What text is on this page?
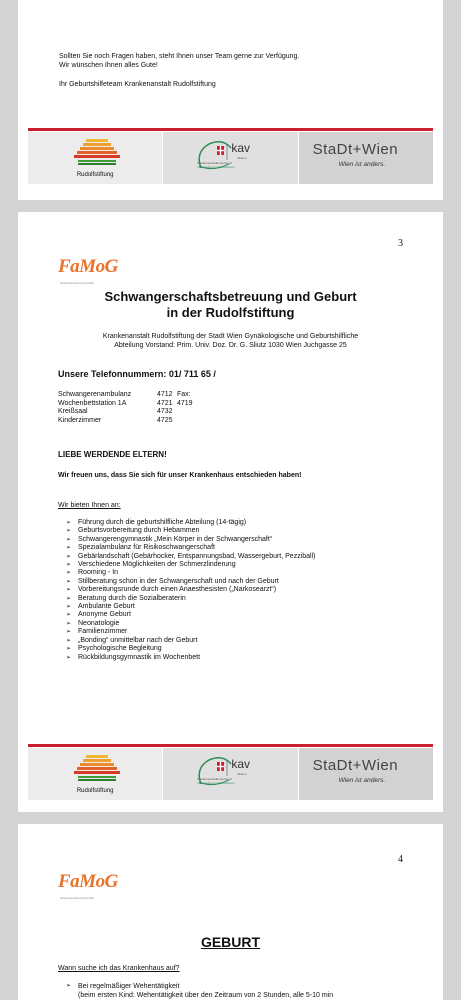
Sollten Sie noch Fragen haben, steht Ihnen unser Team gerne zur Verfügung.
Wir wünschen Ihnen alles Gute!
Ihr Geburtshilfeteam Krankenanstalt Rudolfstiftung
Rudolfstiftung
kav
Wiener
Krankenanstaltenverbund
Unternehmen Unternehmen
StaDt+Wien
Wien ist anders.
3
FaMoG
familienorientierte Geburtshilfe
Schwangerschaftsbetreuung und Geburt
in der Rudolfstiftung
Krankenanstalt Rudolfstiftung der Stadt Wien Gynäkologische und Geburtshilfliche
Abteilung Vorstand: Prim. Univ. Doz. Dr. G. Sliutz 1030 Wien Juchgasse 25
Unsere Telefonnummern: 01/ 711 65 /
Schwangerenambulanz	4712 Fax: 4719
Wochenbettstation 1A	4721
Kreißsaal	4732
Kinderzimmer	4725
LIEBE WERDENDE ELTERN!
Wir freuen uns, dass Sie sich für unser Krankenhaus entschieden haben!
Wir bieten Ihnen an:
➢ Führung durch die geburtshilfliche Abteilung (14-tägig)
➢ Geburtsvorbereitung durch Hebammen
➢ Schwangerengymnastik „Mein Körper in der Schwangerschaft“
➢ Spezialambulanz für Risikoschwangerschaft
➢ Gebärlandschaft (Gebärhocker, Entspannungsbad, Wassergeburt, Pezziball)
➢ Verschiedene Möglichkeiten der Schmerzlinderung
➢ Rooming - In
➢ Stillberatung schon in der Schwangerschaft und nach der Geburt
➢ Vorbereitungsrunde durch einen Anaesthesisten („Narkosearzt“)
➢ Beratung durch die Sozialberaterin
➢ Ambulante Geburt
➢ Anonyme Geburt
➢ Neonatologie
➢ Familienzimmer
➢ „Bonding“ unmittelbar nach der Geburt
➢ Psychologische Begleitung
➢ Rückbildungsgymnastik im Wochenbett
Rudolfstiftung
kav
Wiener
Krankenanstaltenverbund
Unternehmen Unternehmen
StaDt+Wien
Wien ist anders.
4
FaMoG
familienorientierte Geburtshilfe
GEBURT
Wann suche ich das Krankenhaus auf?
➢ Bei regelmäßiger Wehentätigkeit
(beim ersten Kind: Wehentätigkeit über den Zeitraum von 2 Stunden, alle 5-10 min
